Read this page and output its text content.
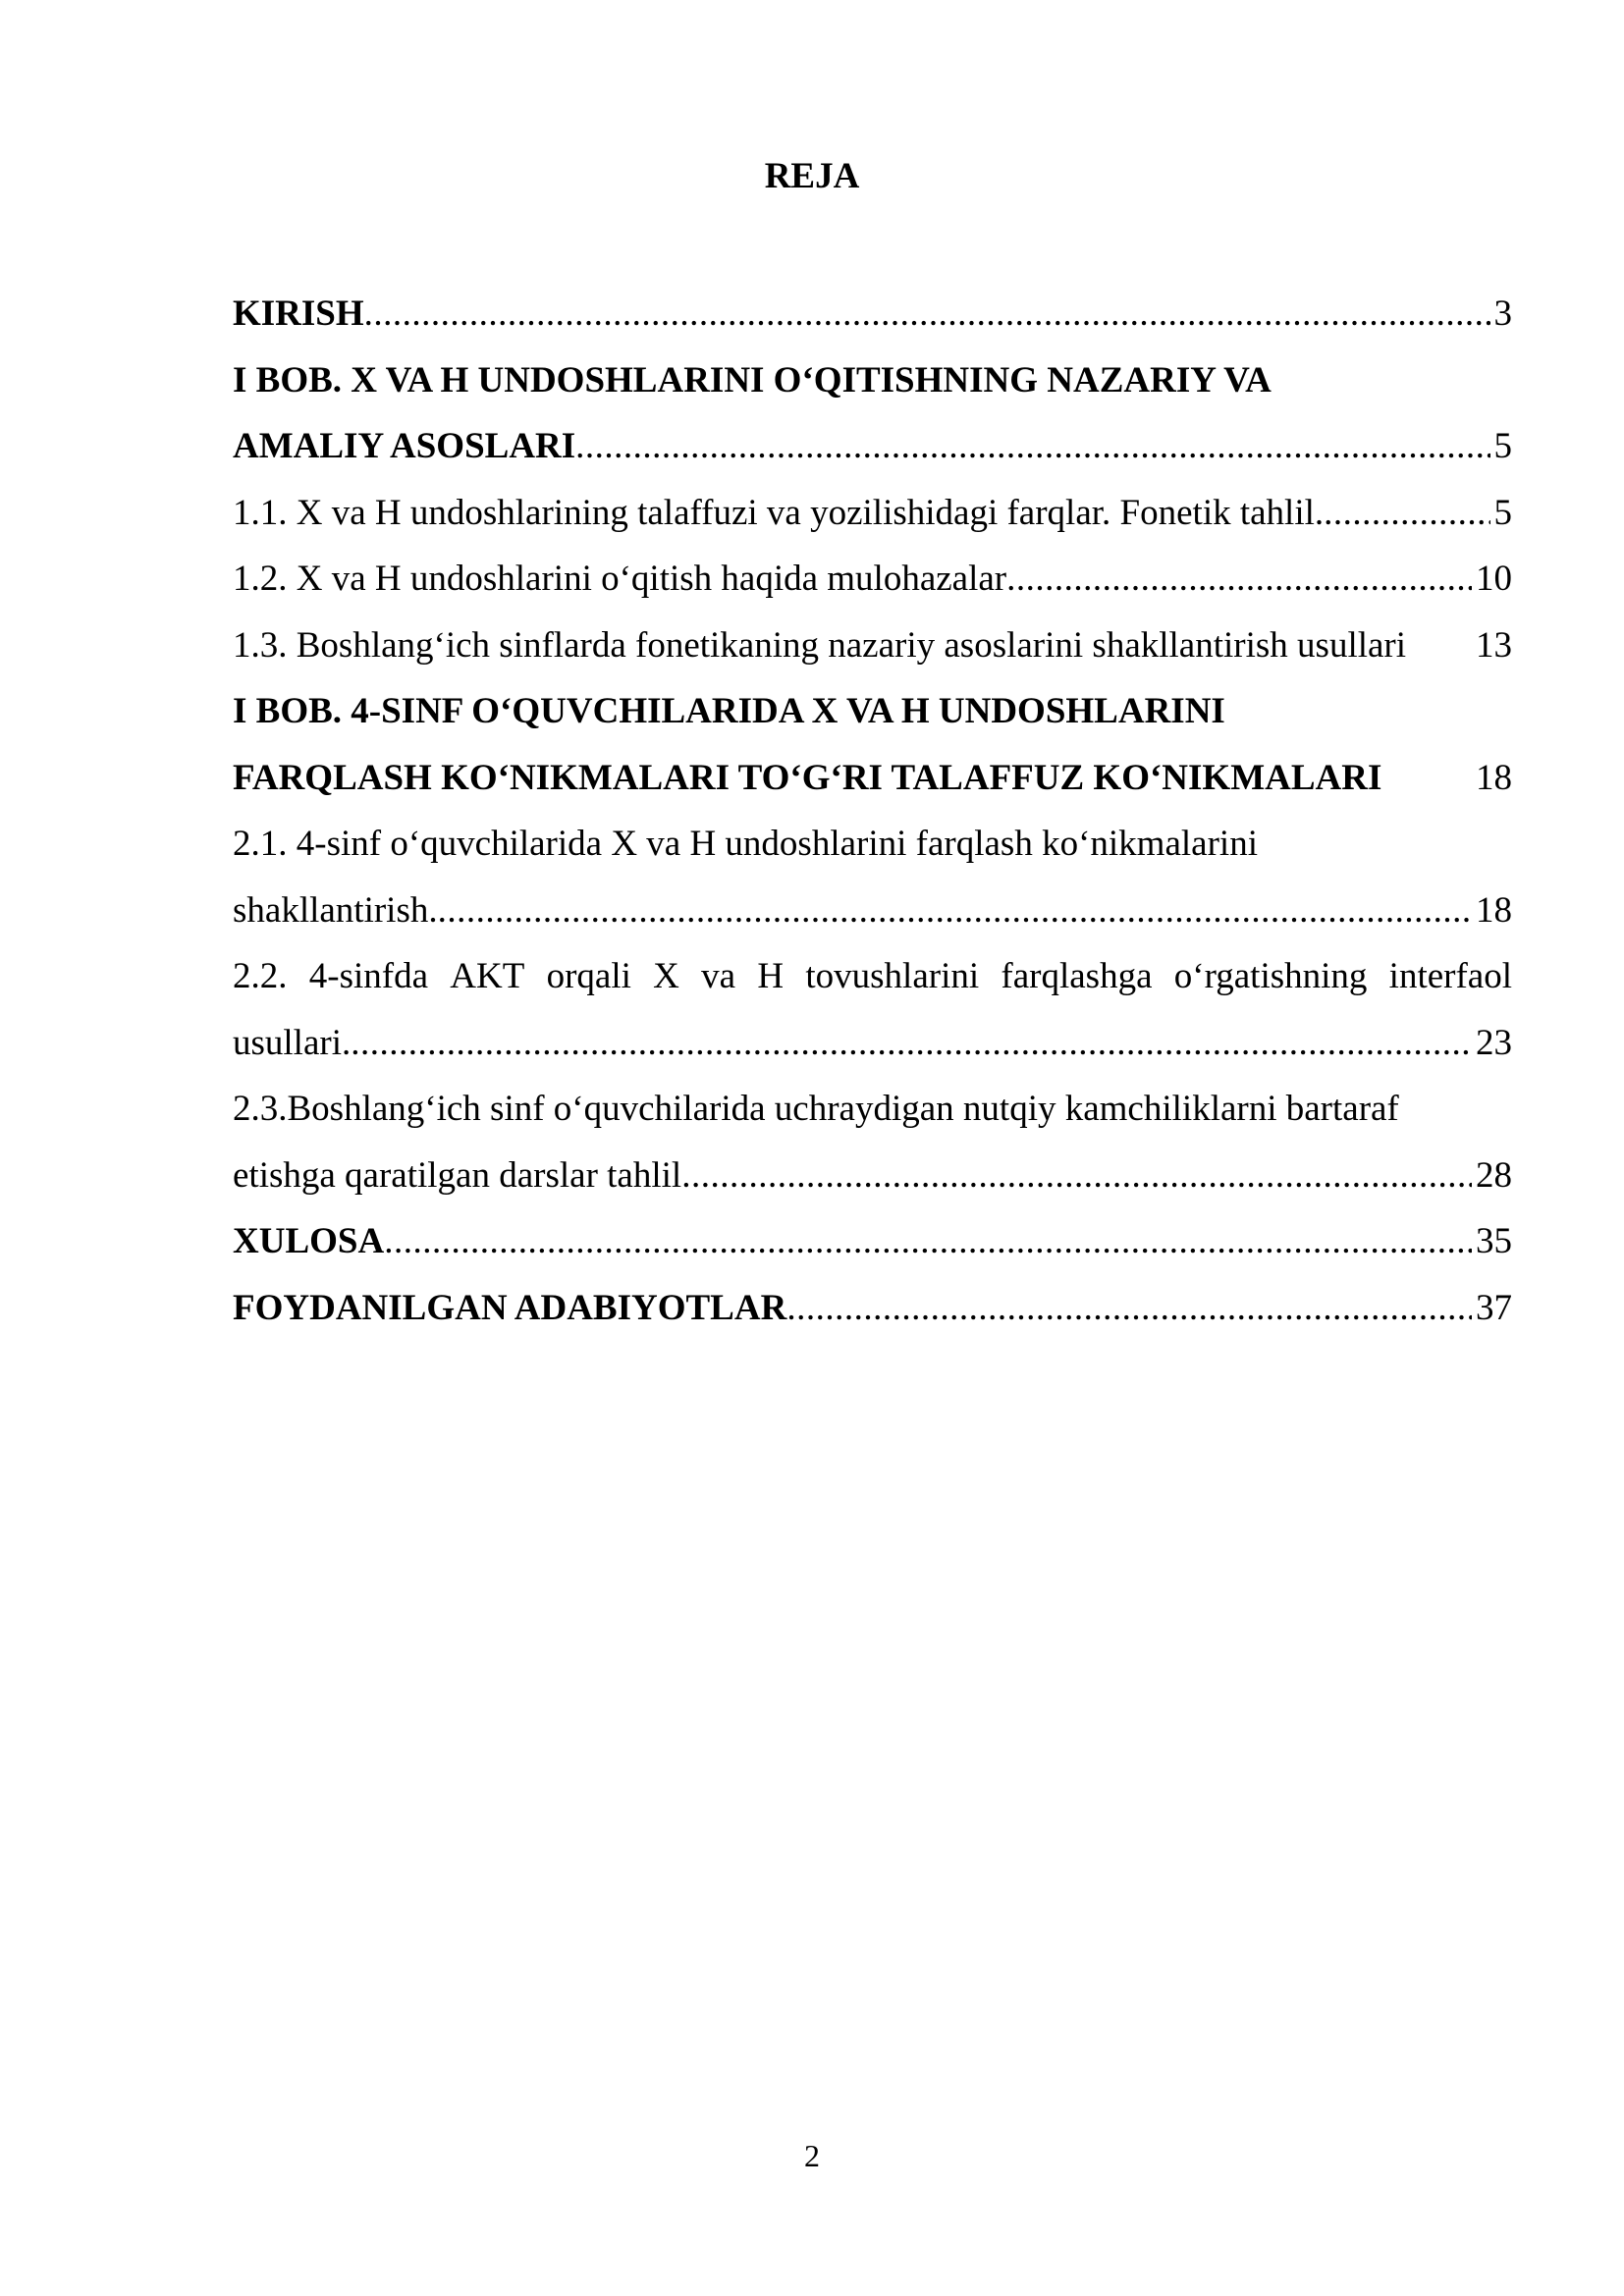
REJA
KIRISH .....	3
I BOB. X VA H UNDOSHLARINI O‘QITISHNING NAZARIY VA
AMALIY ASOSLARI .....	5
1.1. X va H undoshlarining talaffuzi va yozilishidagi farqlar. Fonetik tahlil. .....	5
1.2. X va H undoshlarini o‘qitish haqida mulohazalar .....	10
1.3. Boshlang‘ich sinflarda fonetikaning nazariy asoslarini shakllantirish usullari 13
I BOB. 4-SINF O‘QUVCHILARIDA X VA H UNDOSHLARINI
FARQLASH KO‘NIKMALARI TO‘G‘RI TALAFFUZ KO‘NIKMALARI	18
2.1. 4-sinf o‘quvchilarida X va H undoshlarini farqlash ko‘nikmalarini
shakllantirish. .....	18
2.2. 4-sinfda AKT orqali X va H tovushlarini farqlashga o‘rgatishning interfaol
usullari. .....	23
2.3.Boshlang‘ich sinf o‘quvchilarida uchraydigan nutqiy kamchiliklarni bartaraf
etishga qaratilgan darslar tahlil .....	28
XULOSA .....	35
FOYDANILGAN ADABIYOTLAR .....	37
2
